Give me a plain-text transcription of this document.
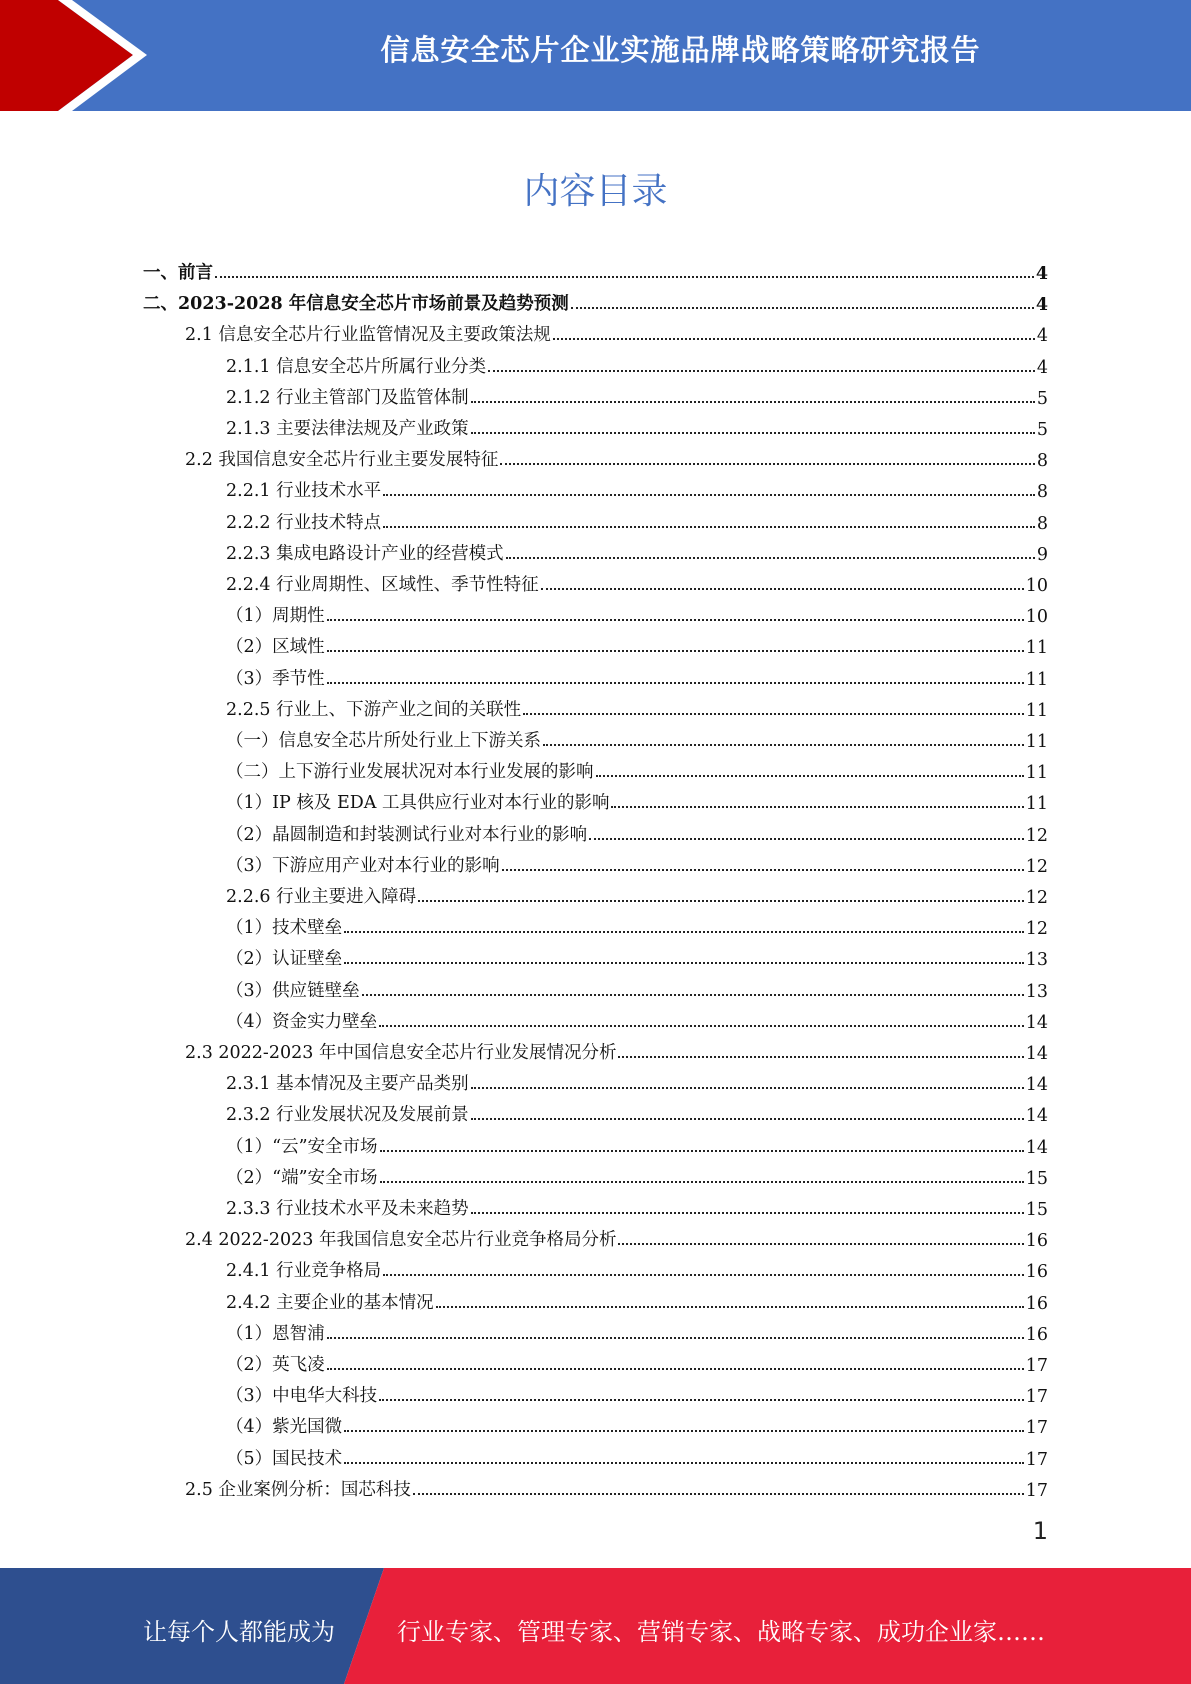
信息安全芯片企业实施品牌战略策略研究报告
内容目录
一、前言	4
二、2023-2028 年信息安全芯片市场前景及趋势预测	4
2.1 信息安全芯片行业监管情况及主要政策法规	4
2.1.1 信息安全芯片所属行业分类	4
2.1.2 行业主管部门及监管体制	5
2.1.3 主要法律法规及产业政策	5
2.2 我国信息安全芯片行业主要发展特征	8
2.2.1 行业技术水平	8
2.2.2 行业技术特点	8
2.2.3 集成电路设计产业的经营模式	9
2.2.4 行业周期性、区域性、季节性特征	10
（1）周期性	10
（2）区域性	11
（3）季节性	11
2.2.5 行业上、下游产业之间的关联性	11
（一）信息安全芯片所处行业上下游关系	11
（二）上下游行业发展状况对本行业发展的影响	11
（1）IP 核及 EDA 工具供应行业对本行业的影响	11
（2）晶圆制造和封装测试行业对本行业的影响	12
（3）下游应用产业对本行业的影响	12
2.2.6 行业主要进入障碍	12
（1）技术壁垒	12
（2）认证壁垒	13
（3）供应链壁垒	13
（4）资金实力壁垒	14
2.3 2022-2023 年中国信息安全芯片行业发展情况分析	14
2.3.1 基本情况及主要产品类别	14
2.3.2 行业发展状况及发展前景	14
（1）“云”安全市场	14
（2）“端”安全市场	15
2.3.3 行业技术水平及未来趋势	15
2.4 2022-2023 年我国信息安全芯片行业竞争格局分析	16
2.4.1 行业竞争格局	16
2.4.2 主要企业的基本情况	16
（1）恩智浦	16
（2）英飞凌	17
（3）中电华大科技	17
（4）紫光国微	17
（5）国民技术	17
2.5 企业案例分析：国芯科技	17
1
让每个人都能成为	行业专家、管理专家、营销专家、战略专家、成功企业家……
